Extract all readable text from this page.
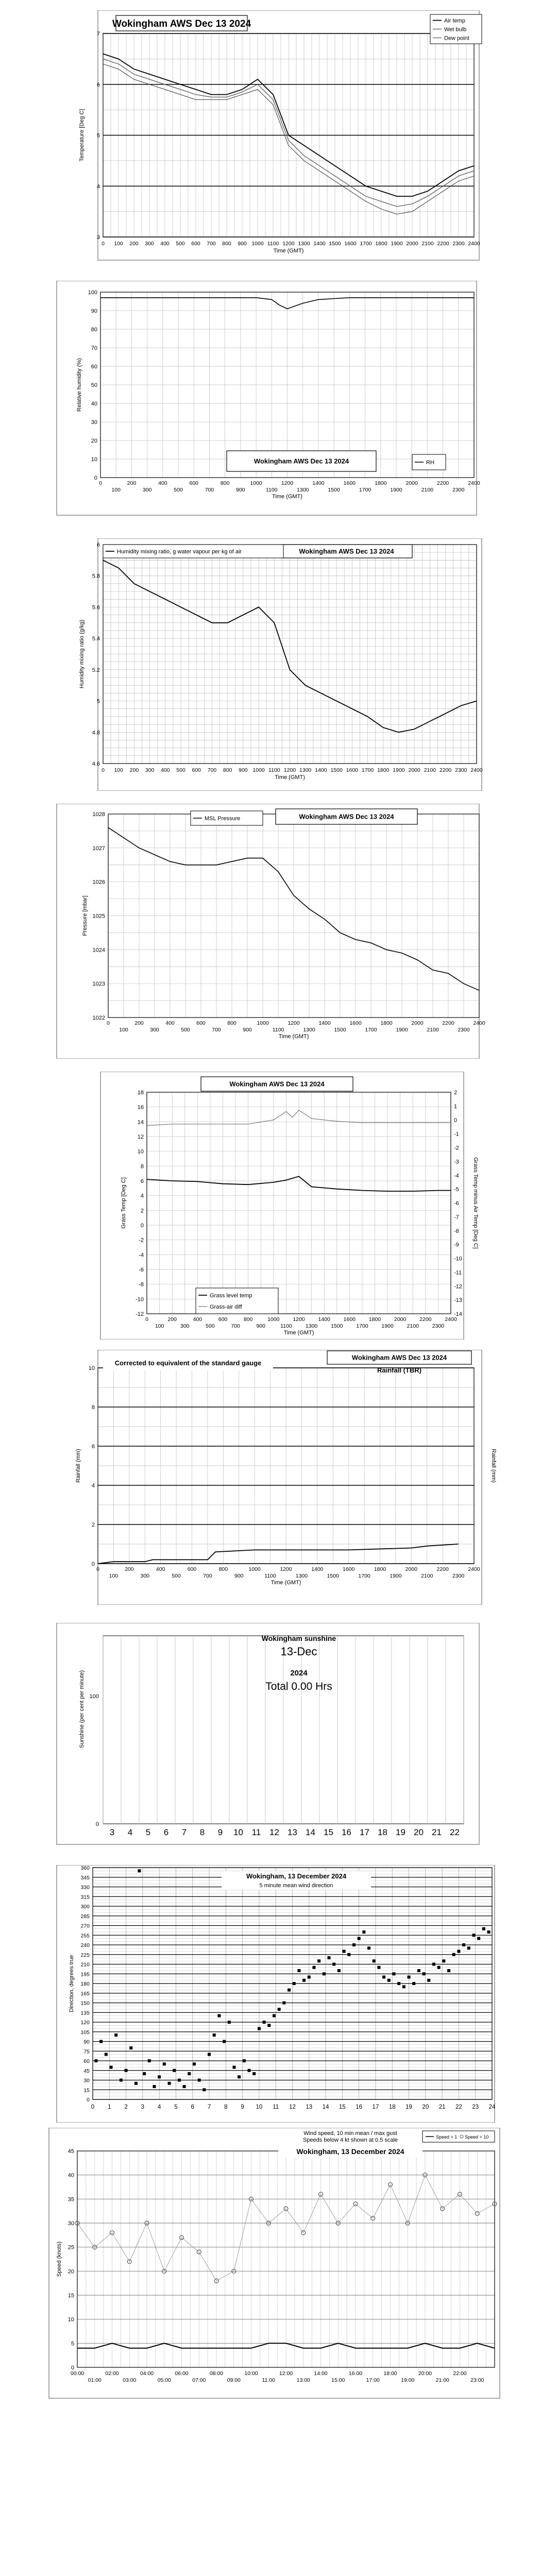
3
4
5
6
7
0 100 200 300 400 500 600 700 800 900 1000 1100 1200 1300 1400 1500 1600 1700 1800 1900 2000 2100 2200 2300 2400
Time (GMT)
Temperature [Deg C]
Wokingham AWS Dec 13 2024	Air temp
Wet bulb
Dew point
0
10
20
30
40
50
60
70
80
90
100
0	200	400	600	800	1000	1200	1400	1600	1800	2000	2200	2400
100	300	500	700	900	1100	1300	1500	1700	1900	2100	2300
Time (GMT)
Relative humidity (%)
Wokingham AWS Dec 13 2024	RH
4.6
4.8
5
5.2
5.4
5.6
5.8
6
0 100 200 300 400 500 600 700 800 900 1000 1100 1200 1300 1400 1500 1600 1700 1800 1900 2000 2100 2200 2300 2400
Time (GMT)
Humidity mixing ratio (g/kg)
Wokingham AWS Dec 13 2024
Humidity mixing ratio, g water vapour per kg of air
1022
1023
1024
1025
1026
1027
1028
0	200	400	600	800	1000	1200	1400	1600	1800	2000	2200	2400
100	300	500	700	900	1100	1300	1500	1700	1900	2100	2300
Time (GMT)
Pressure [mbar]
Wokingham AWS Dec 13 2024
MSL Pressure
-12
-10
-8
-6
-4
-2
0
2
4
6
8
10
12
14
16
18
-14
-13
-12
-11
-10
-9
-8
-7
-6
-5
-4
-3
-2
-1
0
1
2
0	200	400	600	800	1000 1200 1400 1600 1800 2000 2200 2400
100	300	500	700	900	1100 1300 1500 1700 1900 2100 2300
Time (GMT)
Grass Temp [Deg C]	Grass Temp minus Air Temp [Deg C]
Wokingham AWS Dec 13 2024
Grass level temp
Grass-air diff
0
2
4
6
8
10
0	200	400	600	800	1000	1200	1400	1600	1800	2000	2200	2400
100	300	500	700	900	1100	1300	1500	1700	1900	2100	2300
Time (GMT)
Rainfall (mm)	Rainfall (mm)
Wokingham AWS Dec 13 2024
Rainfall (TBR)
Corrected to equivalent of the standard gauge
3 4 5 6 7 8 9 10 11 12 13 14 15 16 17 18 19 20 21 22
0
100
Sunshine (per cent per minute)
Wokingham sunshine
13-Dec
2024
Total 0.00 Hrs
0
15
30
45
60
75
90
105
120
135
150
165
180
195
210
225
240
255
270
285
300
315
330
345
360
0 1 2 3 4 5 6 7 8 9 10 11 12 13 14 15 16 17 18 19 20 21 22 23 24
Direction, degrees true
Wokingham, 13 December 2024
5 minute mean wind direction
0
5
10
15
20
25
30
35
40
45
00:00	02:00	04:00	06:00	08:00	10:00	12:00	14:00	16:00	18:00	20:00	22:00
01:00	03:00	05:00	07:00	09:00	11:00	13:00	15:00	17:00	19:00	21:00	23:00
Speed (knots)
Wind speed, 10 min mean / max gust
Speeds below 4 kt shown at 0.5 scale
Wokingham, 13 December 2024
Speed > 1 Speed > 10
